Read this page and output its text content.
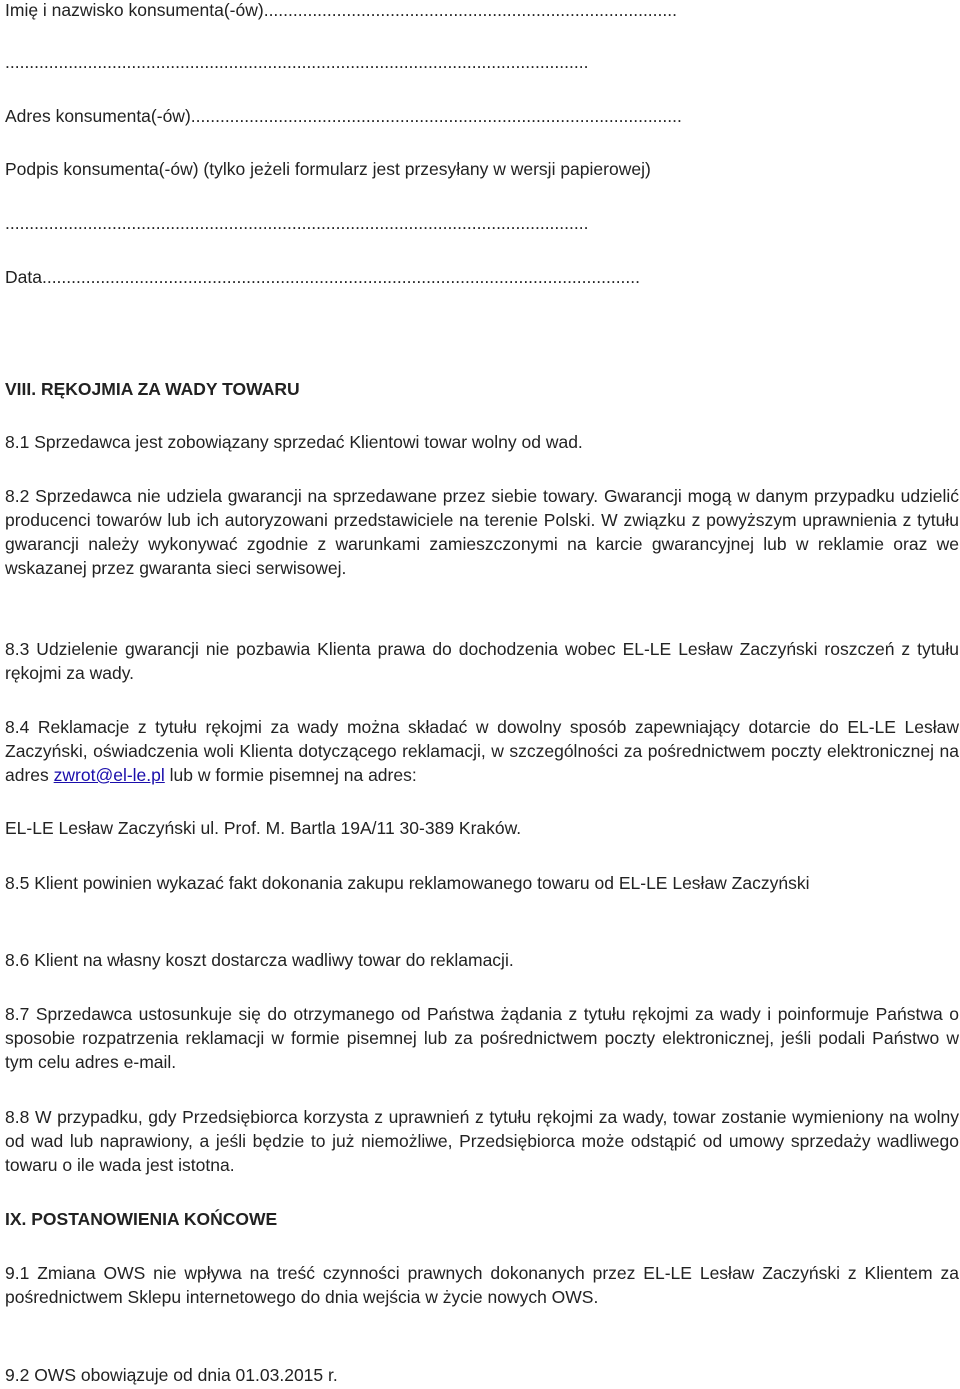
Imię i nazwisko konsumenta(-ów).....................................................................................
........................................................................................................................
Adres konsumenta(-ów).....................................................................................................
Podpis konsumenta(-ów) (tylko jeżeli formularz jest przesyłany w wersji papierowej)
........................................................................................................................
Data...........................................................................................................................
VIII. RĘKOJMIA ZA WADY TOWARU
8.1 Sprzedawca jest zobowiązany sprzedać Klientowi towar wolny od wad.
8.2 Sprzedawca nie udziela gwarancji na sprzedawane przez siebie towary. Gwarancji mogą w danym przypadku udzielić producenci towarów lub ich autoryzowani przedstawiciele na terenie Polski. W związku z powyższym uprawnienia z tytułu gwarancji należy wykonywać zgodnie z warunkami zamieszczonymi na karcie gwarancyjnej lub w reklamie oraz we wskazanej przez gwaranta sieci serwisowej.
8.3 Udzielenie gwarancji nie pozbawia Klienta prawa do dochodzenia wobec EL-LE Lesław Zaczyński roszczeń z tytułu rękojmi za wady.
8.4 Reklamacje z tytułu rękojmi za wady można składać w dowolny sposób zapewniający dotarcie do EL-LE Lesław Zaczyński, oświadczenia woli Klienta dotyczącego reklamacji, w szczególności za pośrednictwem poczty elektronicznej na adres zwrot@el-le.pl lub w formie pisemnej na adres:
EL-LE Lesław Zaczyński ul. Prof. M. Bartla 19A/11 30-389 Kraków.
8.5 Klient powinien wykazać fakt dokonania zakupu reklamowanego towaru od EL-LE Lesław Zaczyński
8.6 Klient na własny koszt dostarcza wadliwy towar do reklamacji.
8.7 Sprzedawca ustosunkuje się do otrzymanego od Państwa żądania z tytułu rękojmi za wady i poinformuje Państwa o sposobie rozpatrzenia reklamacji w formie pisemnej lub za pośrednictwem poczty elektronicznej, jeśli podali Państwo w tym celu adres e-mail.
8.8 W przypadku, gdy Przedsiębiorca korzysta z uprawnień z tytułu rękojmi za wady, towar zostanie wymieniony na wolny od wad lub naprawiony, a jeśli będzie to już niemożliwe, Przedsiębiorca może odstąpić od umowy sprzedaży wadliwego towaru o ile wada jest istotna.
IX. POSTANOWIENIA KOŃCOWE
9.1 Zmiana OWS nie wpływa na treść czynności prawnych dokonanych przez EL-LE Lesław Zaczyński z Klientem za pośrednictwem Sklepu internetowego do dnia wejścia w życie nowych OWS.
9.2 OWS obowiązuje od dnia 01.03.2015 r.
